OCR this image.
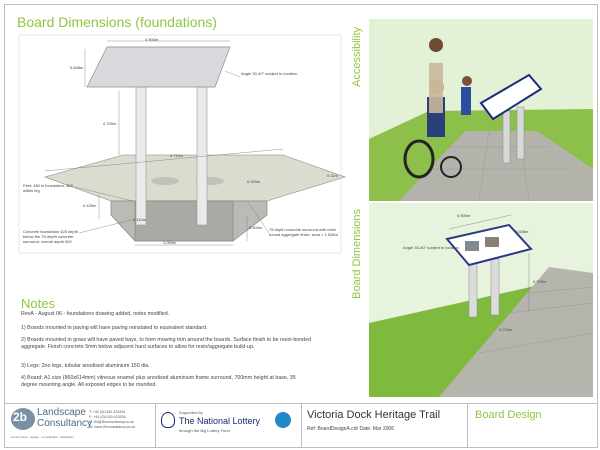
Board Dimensions (foundations)
0.900m
0.608m
0.700m
2.710m
0.920m
0.11m
0.425m
1.110m
1.000m
0.500m
Angle 30-40° subject to location
Feet: 450 in foundation, 300 within leg
Concrete foundation 425 depth below the 75 depth concrete surround, overall depth 500
75 depth concrete surround with resin bound aggregate finish, area = 1.528m
Notes
RevA - August 06 - foundations drawing added, notes modified.
1) Boards mounted in paving will have paving reinstated to equivalent standard.
2) Boards mounted in grass will have paved bays, to form mowing trim around the boards. Surface finish to be resin-bonded aggregate. Finish concrete 5mm below adjacent hard surfaces to allow for resin/aggregate build-up.
3) Legs: 2no legs, tubular anodised aluminium 150 dia.
4) Board: A1 size (860x614mm) vitreous enamel plus anodised aluminium frame surround, 700mm height at base, 35 degree mounting angle. All exposed edges to be rounded.
Accessibility
0.900m
0.608m
Angle 30-40° subject to location
0.700m
0.710m
Board Dimensions
2b Landscape
Consultancy
environment · design · consultation · illustration
T: +44 (0)1430 423204
F: +44 (0)1430 423204
E: 2B@2bconsultancy.co.uk
W: www.2bconsultancy.co.uk
Supported by
The National Lottery
through the Big Lottery Fund
Victoria Dock Heritage Trail
Ref: BoardDesignA.cdr Date: Mar 2006
Board Design
